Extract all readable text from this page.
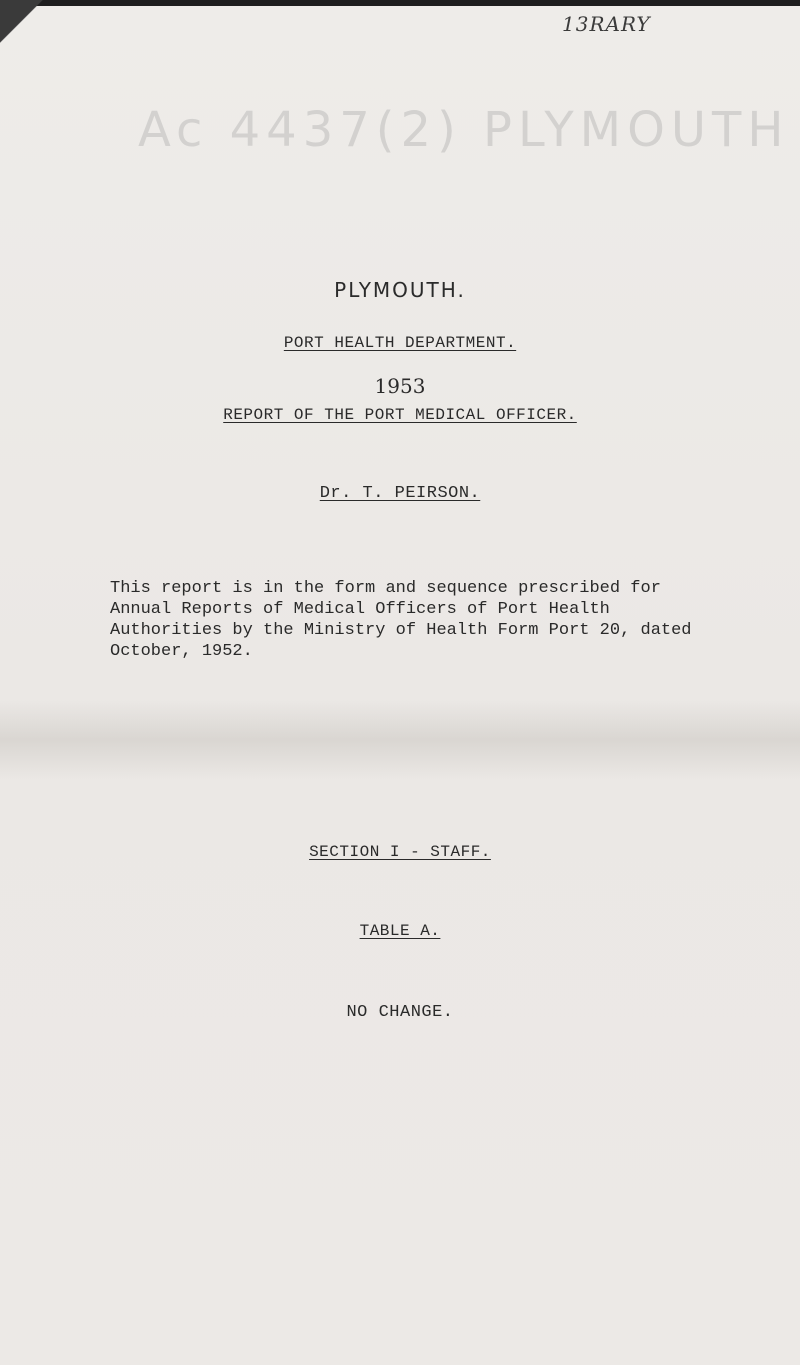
13RARY
Ac 4437(2) PLYMOUTH
PLYMOUTH.
PORT HEALTH DEPARTMENT.
1953
REPORT OF THE PORT MEDICAL OFFICER.
Dr. T. PEIRSON.
This report is in the form and sequence prescribed for Annual Reports of Medical Officers of Port Health Authorities by the Ministry of Health Form Port 20, dated October, 1952.
SECTION I - STAFF.
TABLE A.
NO CHANGE.
